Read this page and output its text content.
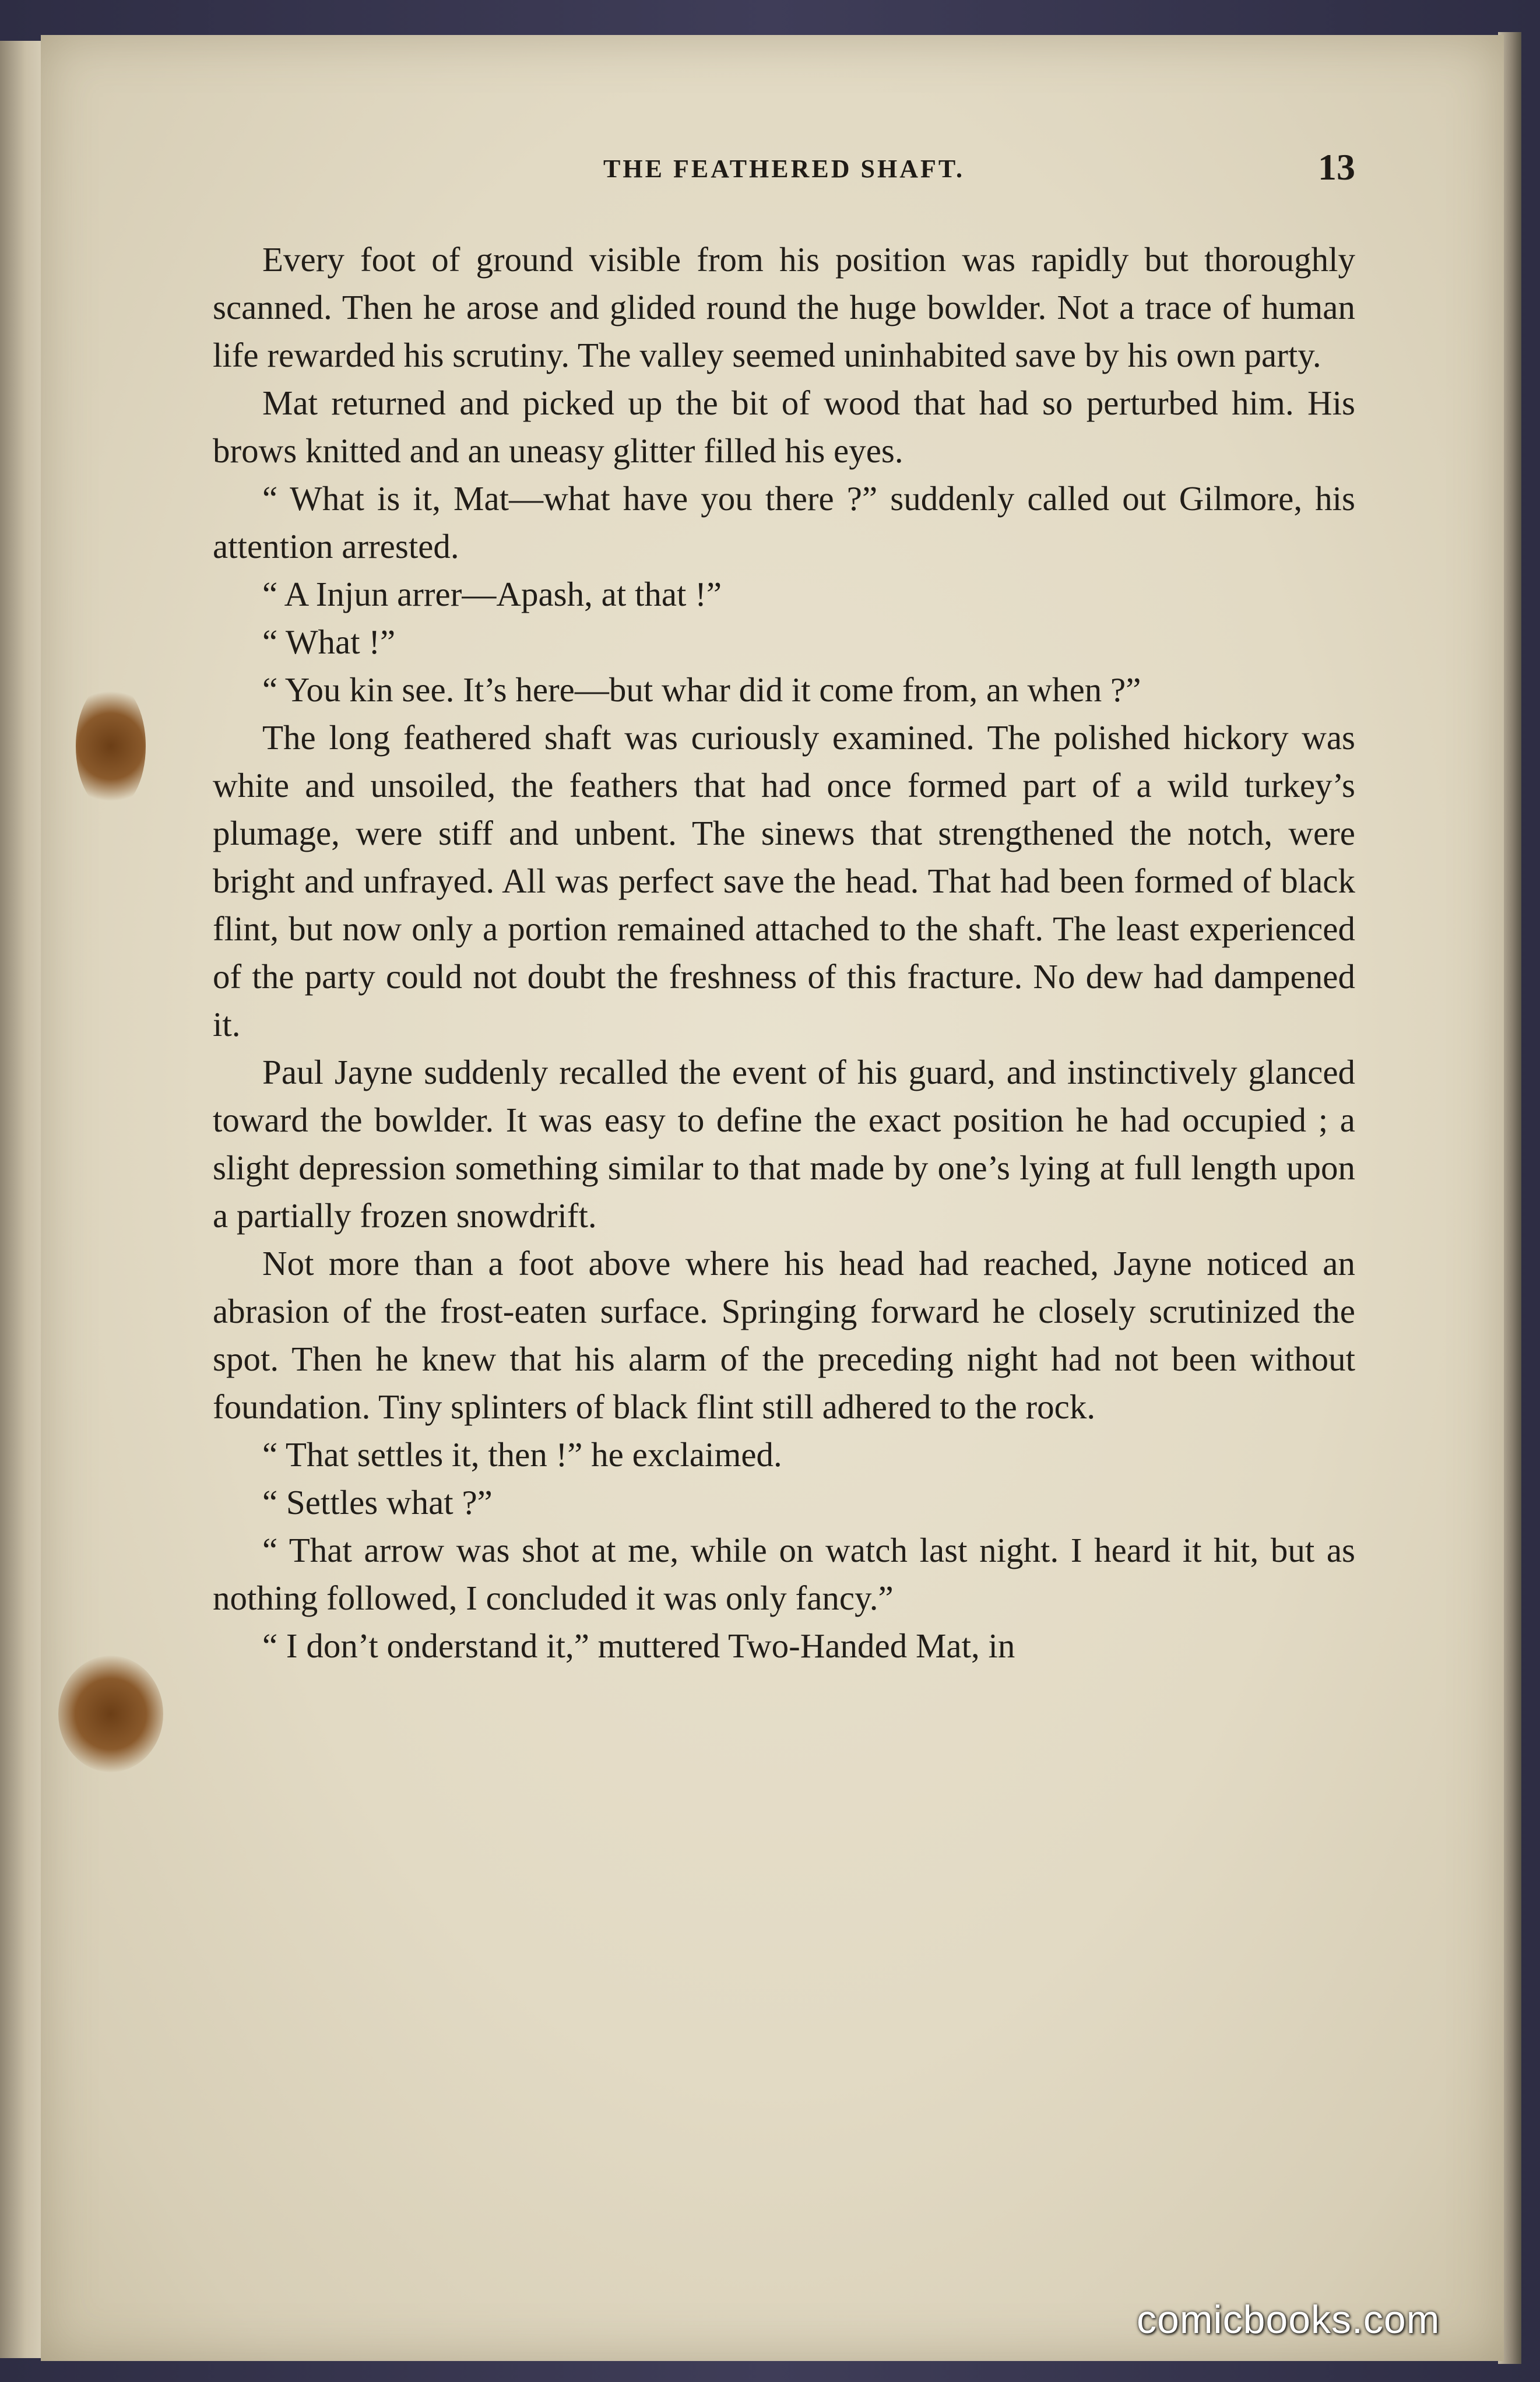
THE FEATHERED SHAFT.	13

Every foot of ground visible from his position was rapidly but thoroughly scanned. Then he arose and glided round the huge bowlder. Not a trace of human life rewarded his scrutiny. The valley seemed uninhabited save by his own party.

Mat returned and picked up the bit of wood that had so perturbed him. His brows knitted and an uneasy glitter filled his eyes.

“ What is it, Mat—what have you there ?” suddenly called out Gilmore, his attention arrested.

“ A Injun arrer—Apash, at that !”

“ What !”

“ You kin see. It’s here—but whar did it come from, an when ?”

The long feathered shaft was curiously examined. The polished hickory was white and unsoiled, the feathers that had once formed part of a wild turkey’s plumage, were stiff and unbent. The sinews that strengthened the notch, were bright and unfrayed. All was perfect save the head. That had been formed of black flint, but now only a portion remained attached to the shaft. The least experienced of the party could not doubt the freshness of this fracture. No dew had dampened it.

Paul Jayne suddenly recalled the event of his guard, and instinctively glanced toward the bowlder. It was easy to define the exact position he had occupied ; a slight depression something similar to that made by one’s lying at full length upon a partially frozen snowdrift.

Not more than a foot above where his head had reached, Jayne noticed an abrasion of the frost-eaten surface. Springing forward he closely scrutinized the spot. Then he knew that his alarm of the preceding night had not been without foundation. Tiny splinters of black flint still adhered to the rock.

“ That settles it, then !” he exclaimed.

“ Settles what ?”

“ That arrow was shot at me, while on watch last night. I heard it hit, but as nothing followed, I concluded it was only fancy.”

“ I don’t onderstand it,” muttered Two-Handed Mat, in

comicbooks.com
